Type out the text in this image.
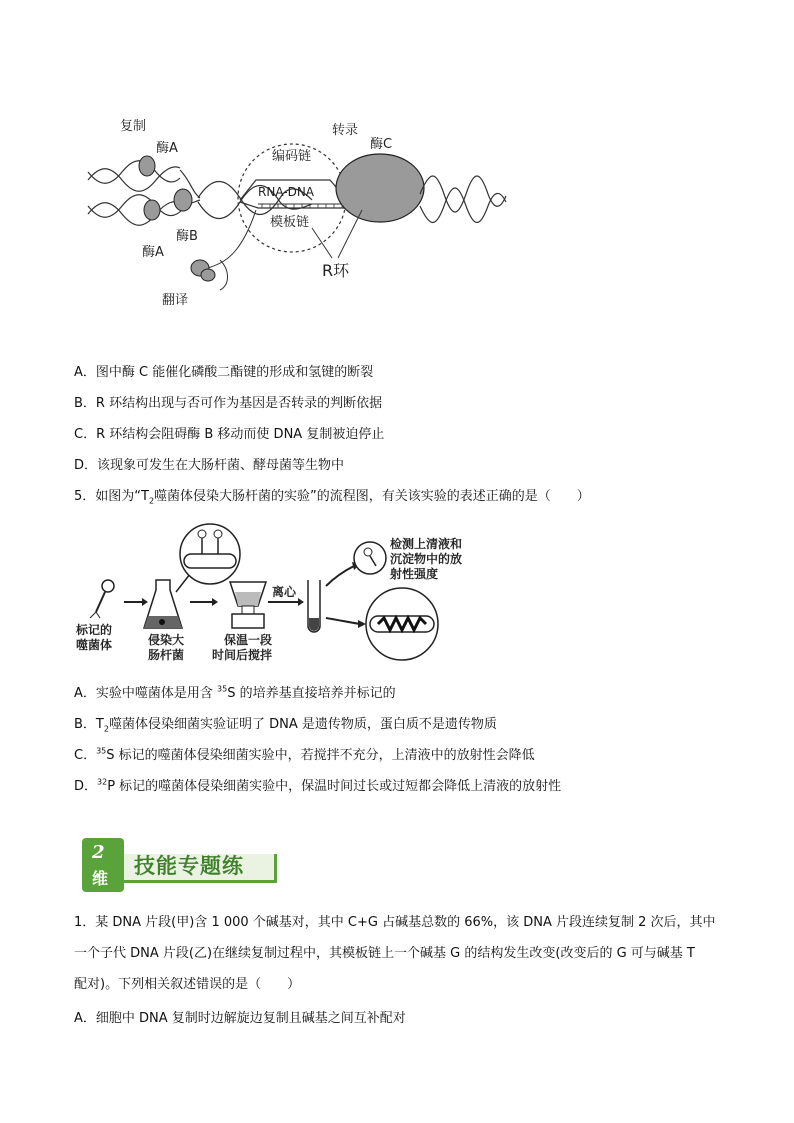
复制
酶A
酶A
酶B
转录
酶C
编码链
RNA-DNA
模板链
R环
翻译
A．图中酶 C 能催化磷酸二酯键的形成和氢键的断裂
B．R 环结构出现与否可作为基因是否转录的判断依据
C．R 环结构会阻碍酶 B 移动而使 DNA 复制被迫停止
D．该现象可发生在大肠杆菌、酵母菌等生物中
5．如图为“$T_2$噬菌体侵染大肠杆菌的实验”的流程图，有关该实验的表述正确的是（　　）
标记的
噬菌体	侵染大
肠杆菌
保温一段
时间后搅拌
离心
检测上清液和
沉淀物中的放
射性强度
A．实验中噬菌体是用含 $^{35}$S 的培养基直接培养并标记的
B．$T_2$噬菌体侵染细菌实验证明了 DNA 是遗传物质，蛋白质不是遗传物质
C．$^{35}$S 标记的噬菌体侵染细菌实验中，若搅拌不充分，上清液中的放射性会降低
D．$^{32}$P 标记的噬菌体侵染细菌实验中，保温时间过长或过短都会降低上清液的放射性
2
维
技能专题练
1．某 DNA 片段(甲)含 1 000 个碱基对，其中 C+G 占碱基总数的 66%，该 DNA 片段连续复制 2 次后，其中
一个子代 DNA 片段(乙)在继续复制过程中，其模板链上一个碱基 G 的结构发生改变(改变后的 G 可与碱基 T
配对)。下列相关叙述错误的是（　　）
A．细胞中 DNA 复制时边解旋边复制且碱基之间互补配对
